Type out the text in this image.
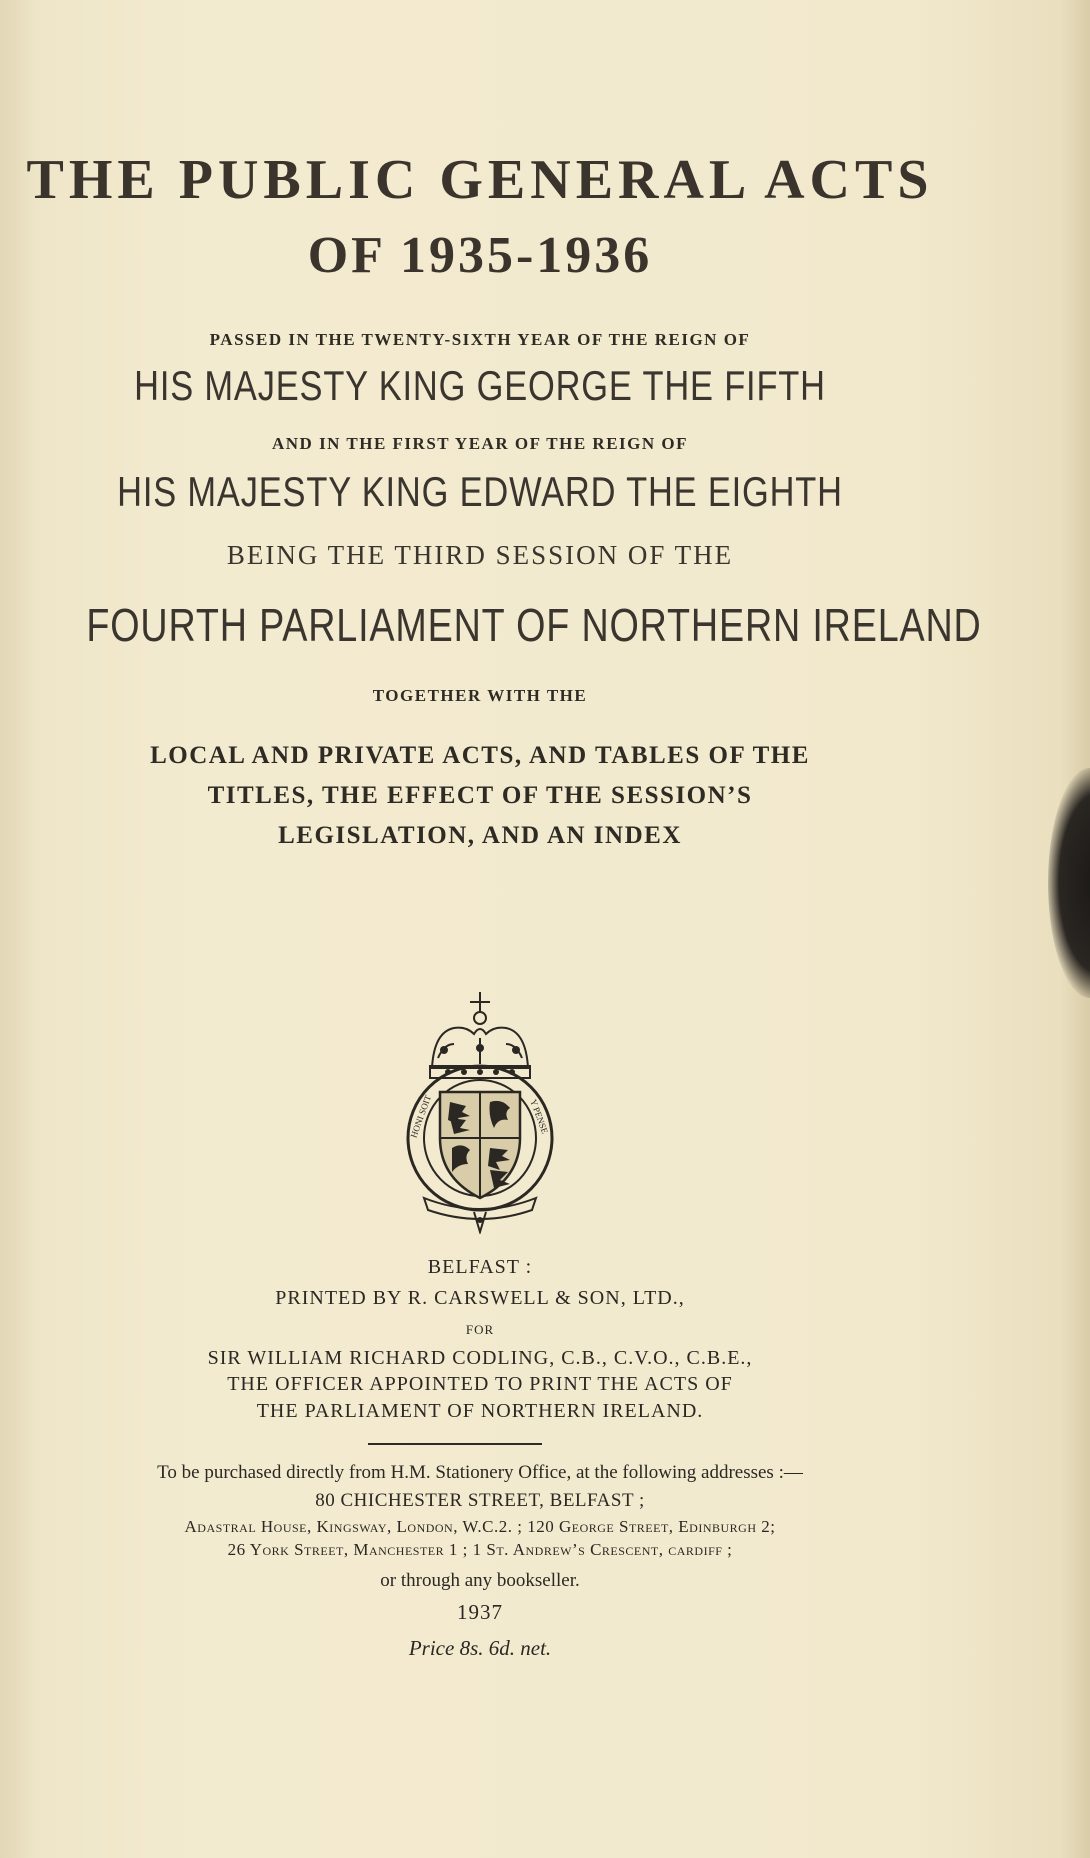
THE PUBLIC GENERAL ACTS
OF 1935-1936
PASSED IN THE TWENTY-SIXTH YEAR OF THE REIGN OF
HIS MAJESTY KING GEORGE THE FIFTH
AND IN THE FIRST YEAR OF THE REIGN OF
HIS MAJESTY KING EDWARD THE EIGHTH
BEING THE THIRD SESSION OF THE
FOURTH PARLIAMENT OF NORTHERN IRELAND
TOGETHER WITH THE
LOCAL AND PRIVATE ACTS, AND TABLES OF THE
TITLES, THE EFFECT OF THE SESSION’S
LEGISLATION, AND AN INDEX
HONI SOIT	Y PENSE
BELFAST :
PRINTED BY R. CARSWELL & SON, LTD.,
FOR
SIR WILLIAM RICHARD CODLING, C.B., C.V.O., C.B.E.,
THE OFFICER APPOINTED TO PRINT THE ACTS OF
THE PARLIAMENT OF NORTHERN IRELAND.
To be purchased directly from H.M. Stationery Office, at the following addresses :—
80 CHICHESTER STREET, BELFAST ;
Adastral House, Kingsway, London, W.C.2. ; 120 George Street, Edinburgh 2;
26 York Street, Manchester 1 ; 1 St. Andrew’s Crescent, cardiff ;
or through any bookseller.
1937
Price 8s. 6d. net.
